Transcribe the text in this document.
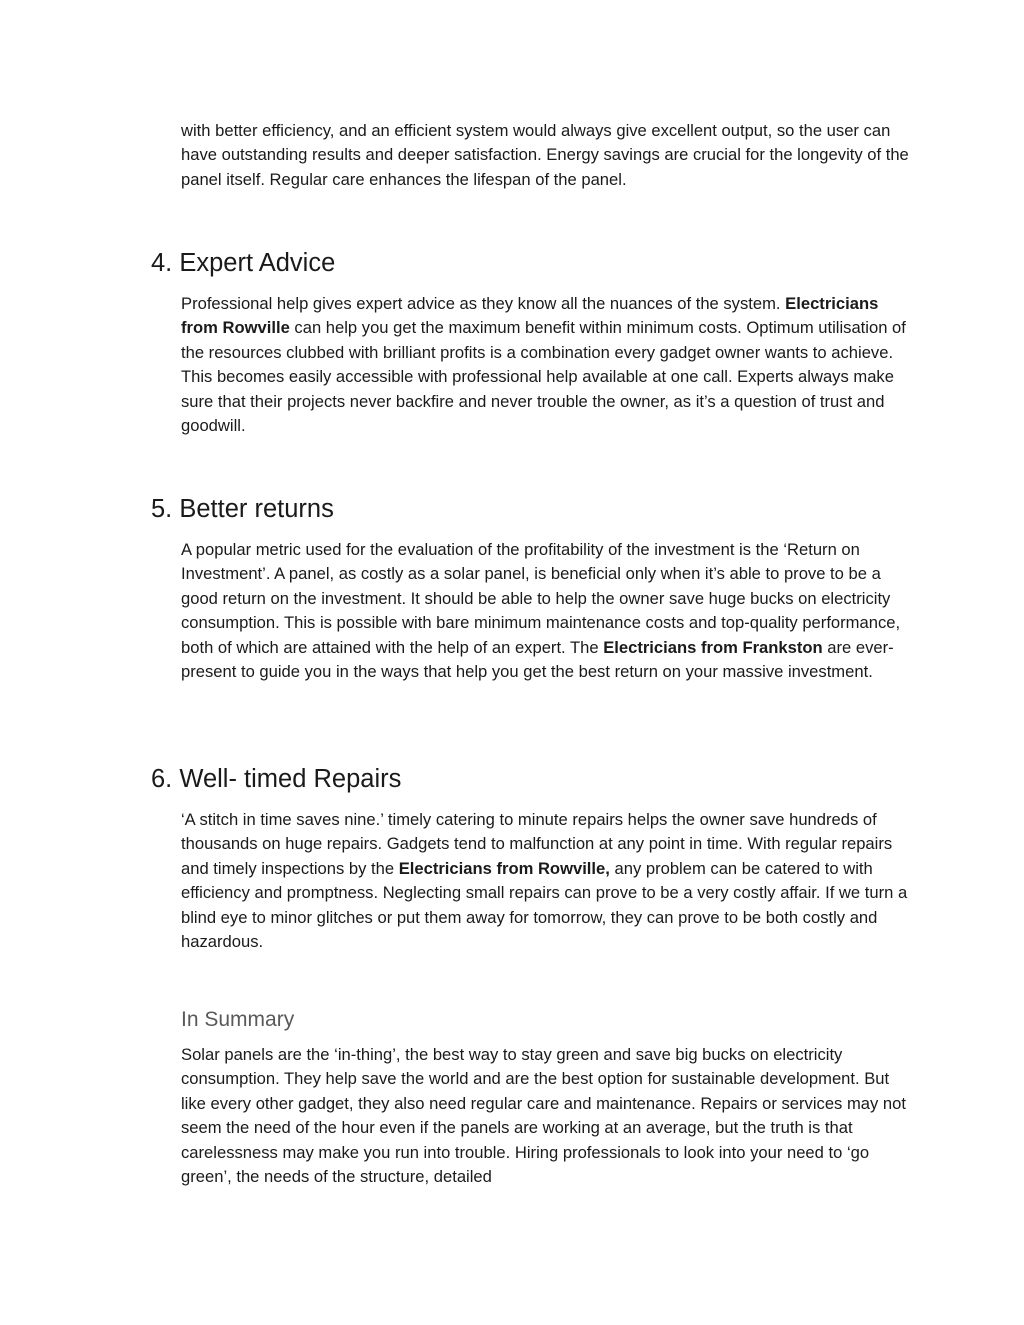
with better efficiency, and an efficient system would always give excellent output, so the user can have outstanding results and deeper satisfaction. Energy savings are crucial for the longevity of the panel itself. Regular care enhances the lifespan of the panel.

4. Expert Advice

Professional help gives expert advice as they know all the nuances of the system. Electricians from Rowville can help you get the maximum benefit within minimum costs. Optimum utilisation of the resources clubbed with brilliant profits is a combination every gadget owner wants to achieve. This becomes easily accessible with professional help available at one call. Experts always make sure that their projects never backfire and never trouble the owner, as it’s a question of trust and goodwill.

5. Better returns

A popular metric used for the evaluation of the profitability of the investment is the ‘Return on Investment’. A panel, as costly as a solar panel, is beneficial only when it’s able to prove to be a good return on the investment. It should be able to help the owner save huge bucks on electricity consumption. This is possible with bare minimum maintenance costs and top-quality performance, both of which are attained with the help of an expert. The Electricians from Frankston are ever-present to guide you in the ways that help you get the best return on your massive investment.

6. Well- timed Repairs

‘A stitch in time saves nine.’ timely catering to minute repairs helps the owner save hundreds of thousands on huge repairs. Gadgets tend to malfunction at any point in time. With regular repairs and timely inspections by the Electricians from Rowville, any problem can be catered to with efficiency and promptness. Neglecting small repairs can prove to be a very costly affair. If we turn a blind eye to minor glitches or put them away for tomorrow, they can prove to be both costly and hazardous.

In Summary

Solar panels are the ‘in-thing’, the best way to stay green and save big bucks on electricity consumption. They help save the world and are the best option for sustainable development. But like every other gadget, they also need regular care and maintenance. Repairs or services may not seem the need of the hour even if the panels are working at an average, but the truth is that carelessness may make you run into trouble. Hiring professionals to look into your need to ‘go green’, the needs of the structure, detailed
